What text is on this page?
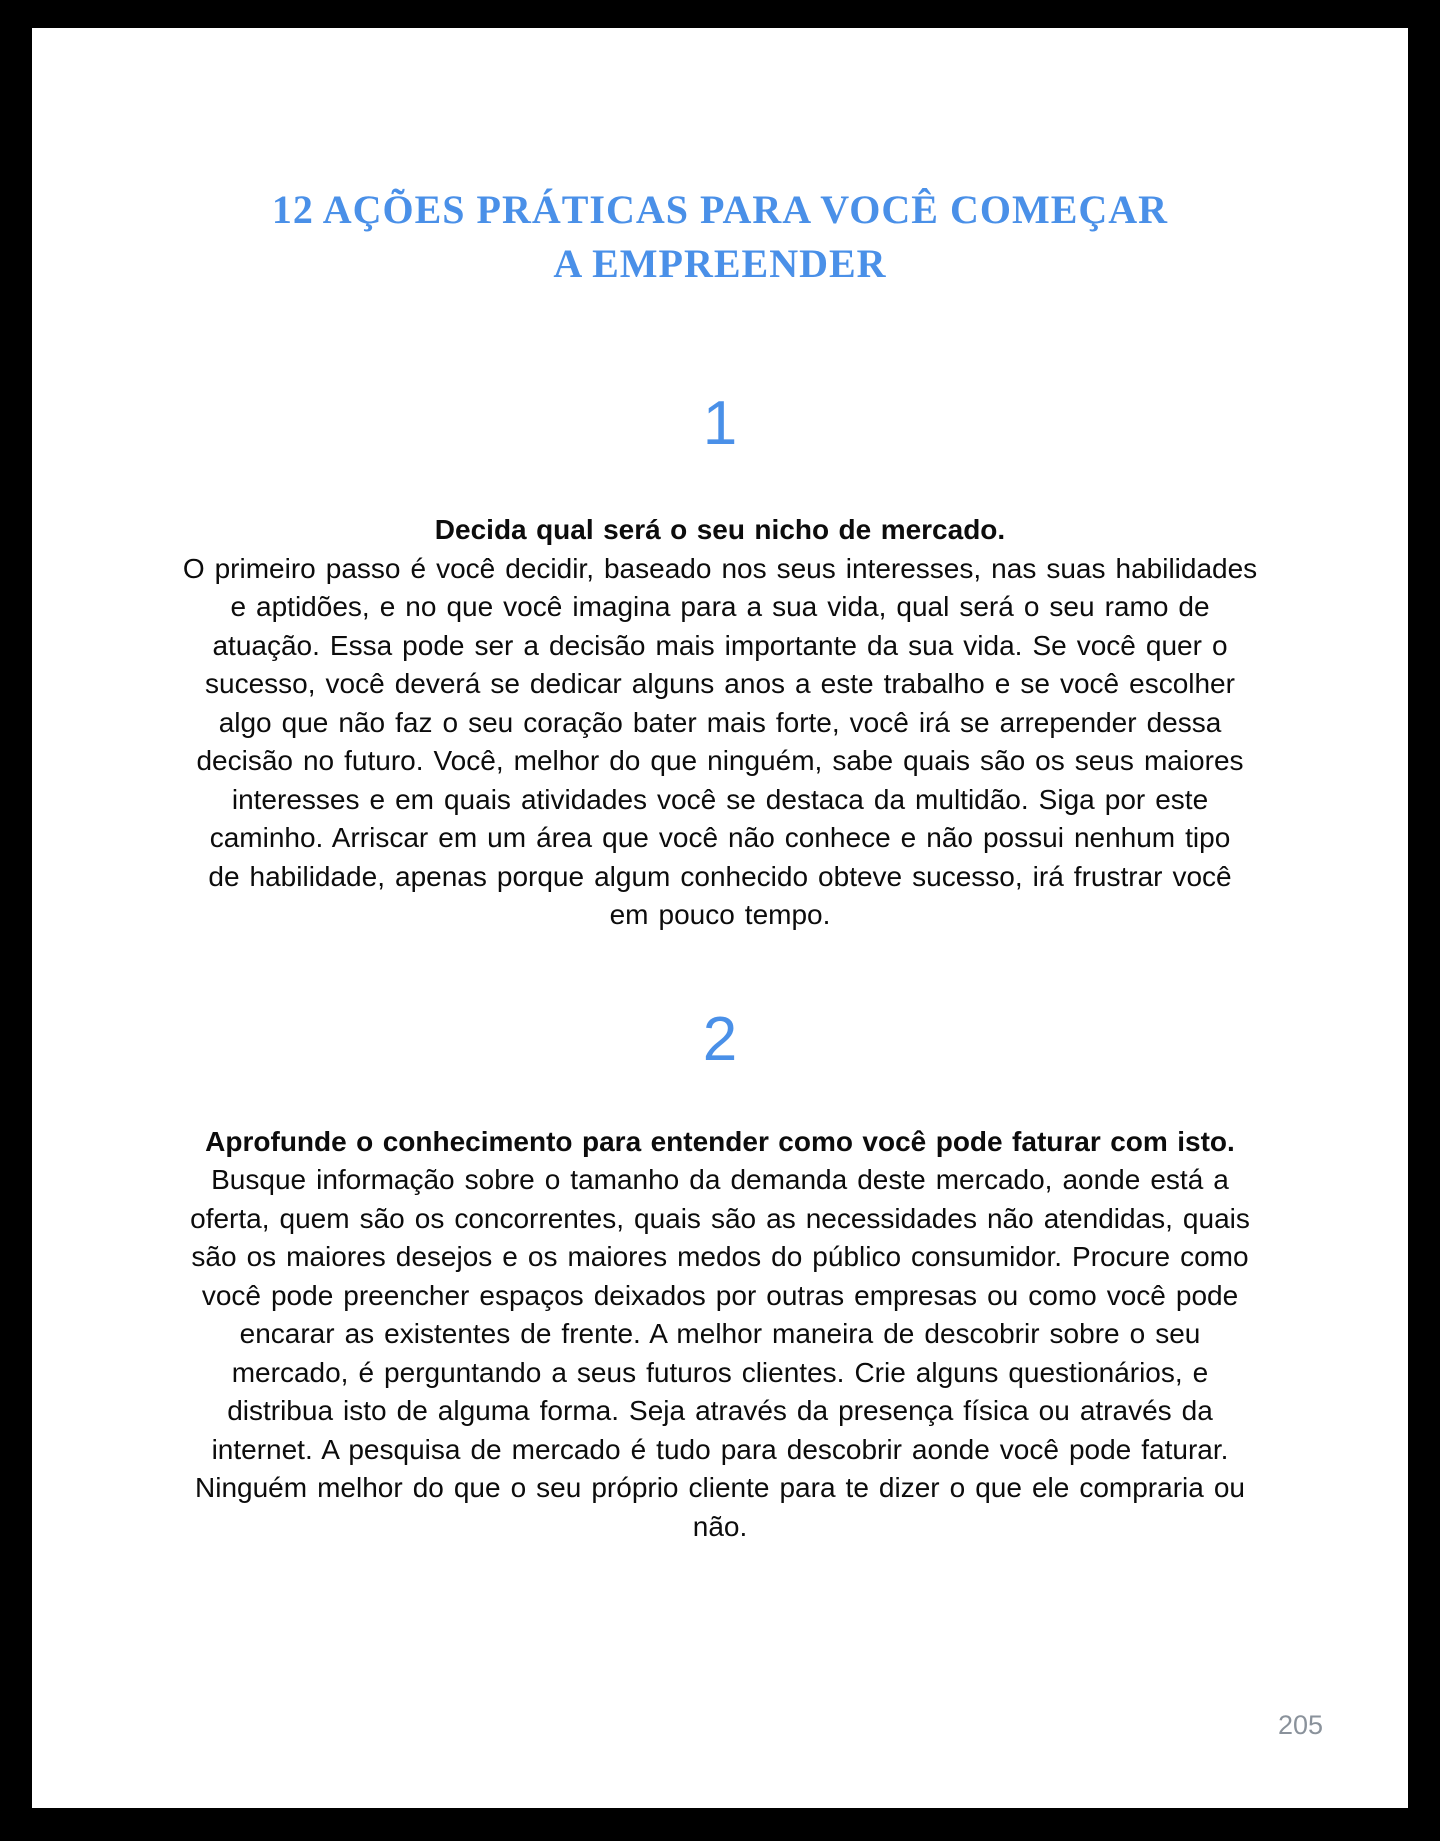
12 AÇÕES PRÁTICAS PARA VOCÊ COMEÇAR
A EMPREENDER
1
Decida qual será o seu nicho de mercado.
O primeiro passo é você decidir, baseado nos seus interesses, nas suas habilidades
e aptidões, e no que você imagina para a sua vida, qual será o seu ramo de
atuação. Essa pode ser a decisão mais importante da sua vida. Se você quer o
sucesso, você deverá se dedicar alguns anos a este trabalho e se você escolher
algo que não faz o seu coração bater mais forte, você irá se arrepender dessa
decisão no futuro. Você, melhor do que ninguém, sabe quais são os seus maiores
interesses e em quais atividades você se destaca da multidão. Siga por este
caminho. Arriscar em um área que você não conhece e não possui nenhum tipo
de habilidade, apenas porque algum conhecido obteve sucesso, irá frustrar você
em pouco tempo.
2
Aprofunde o conhecimento para entender como você pode faturar com isto.
Busque informação sobre o tamanho da demanda deste mercado, aonde está a
oferta, quem são os concorrentes, quais são as necessidades não atendidas, quais
são os maiores desejos e os maiores medos do público consumidor. Procure como
você pode preencher espaços deixados por outras empresas ou como você pode
encarar as existentes de frente. A melhor maneira de descobrir sobre o seu
mercado, é perguntando a seus futuros clientes. Crie alguns questionários, e
distribua isto de alguma forma. Seja através da presença física ou através da
internet. A pesquisa de mercado é tudo para descobrir aonde você pode faturar.
Ninguém melhor do que o seu próprio cliente para te dizer o que ele compraria ou
não.
205
